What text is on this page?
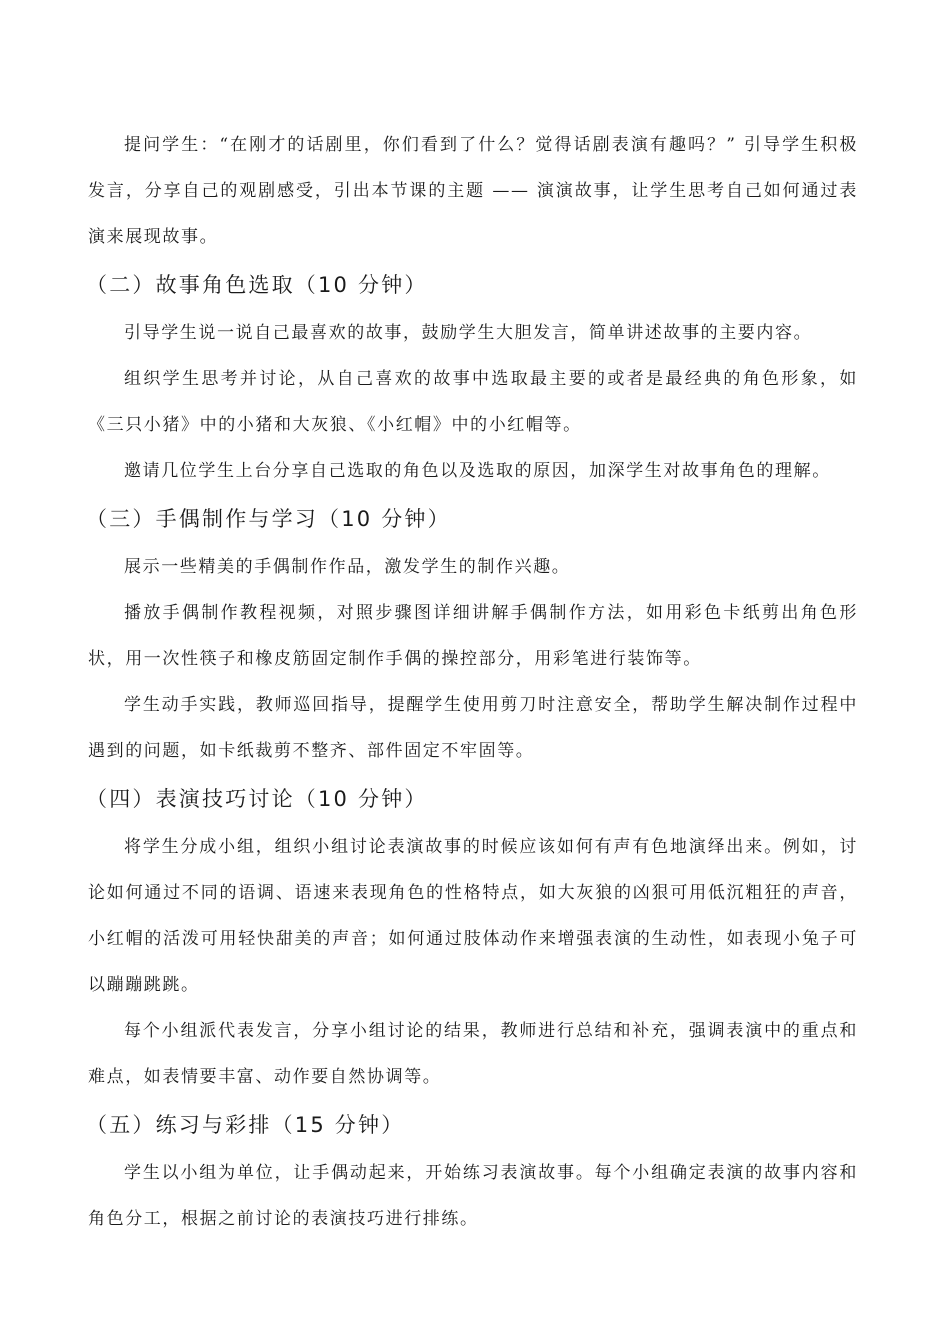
提问学生：“在刚才的话剧里，你们看到了什么？觉得话剧表演有趣吗？” 引导学生积极发言，分享自己的观剧感受，引出本节课的主题 —— 演演故事，让学生思考自己如何通过表演来展现故事。

（二）故事角色选取（10 分钟）

引导学生说一说自己最喜欢的故事，鼓励学生大胆发言，简单讲述故事的主要内容。

组织学生思考并讨论，从自己喜欢的故事中选取最主要的或者是最经典的角色形象，如《三只小猪》中的小猪和大灰狼、《小红帽》中的小红帽等。

邀请几位学生上台分享自己选取的角色以及选取的原因，加深学生对故事角色的理解。

（三）手偶制作与学习（10 分钟）

展示一些精美的手偶制作作品，激发学生的制作兴趣。

播放手偶制作教程视频，对照步骤图详细讲解手偶制作方法，如用彩色卡纸剪出角色形状，用一次性筷子和橡皮筋固定制作手偶的操控部分，用彩笔进行装饰等。

学生动手实践，教师巡回指导，提醒学生使用剪刀时注意安全，帮助学生解决制作过程中遇到的问题，如卡纸裁剪不整齐、部件固定不牢固等。

（四）表演技巧讨论（10 分钟）

将学生分成小组，组织小组讨论表演故事的时候应该如何有声有色地演绎出来。例如，讨论如何通过不同的语调、语速来表现角色的性格特点，如大灰狼的凶狠可用低沉粗狂的声音，小红帽的活泼可用轻快甜美的声音；如何通过肢体动作来增强表演的生动性，如表现小兔子可以蹦蹦跳跳。

每个小组派代表发言，分享小组讨论的结果，教师进行总结和补充，强调表演中的重点和难点，如表情要丰富、动作要自然协调等。

（五）练习与彩排（15 分钟）

学生以小组为单位，让手偶动起来，开始练习表演故事。每个小组确定表演的故事内容和角色分工，根据之前讨论的表演技巧进行排练。
